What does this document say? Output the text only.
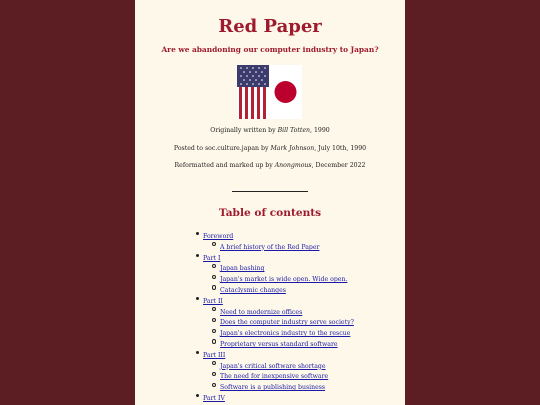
Red Paper
Are we abandoning our computer industry to Japan?
Originally written by Bill Totten, 1990
Posted to soc.culture.japan by Mark Johnson, July 10th, 1990
Reformatted and marked up by Anongmous, December 2022
Table of contents
Foreword
A brief history of the Red Paper
Part I
Japan bashing
Japan's market is wide open. Wide open.
Cataclysmic changes
Part II
Need to modernize offices
Does the computer industry serve society?
Japan's electronics industry to the rescue
Proprietary versus standard software
Part III
Japan's critical software shortage
The need for inexpensive software
Software is a publishing business
Part IV
